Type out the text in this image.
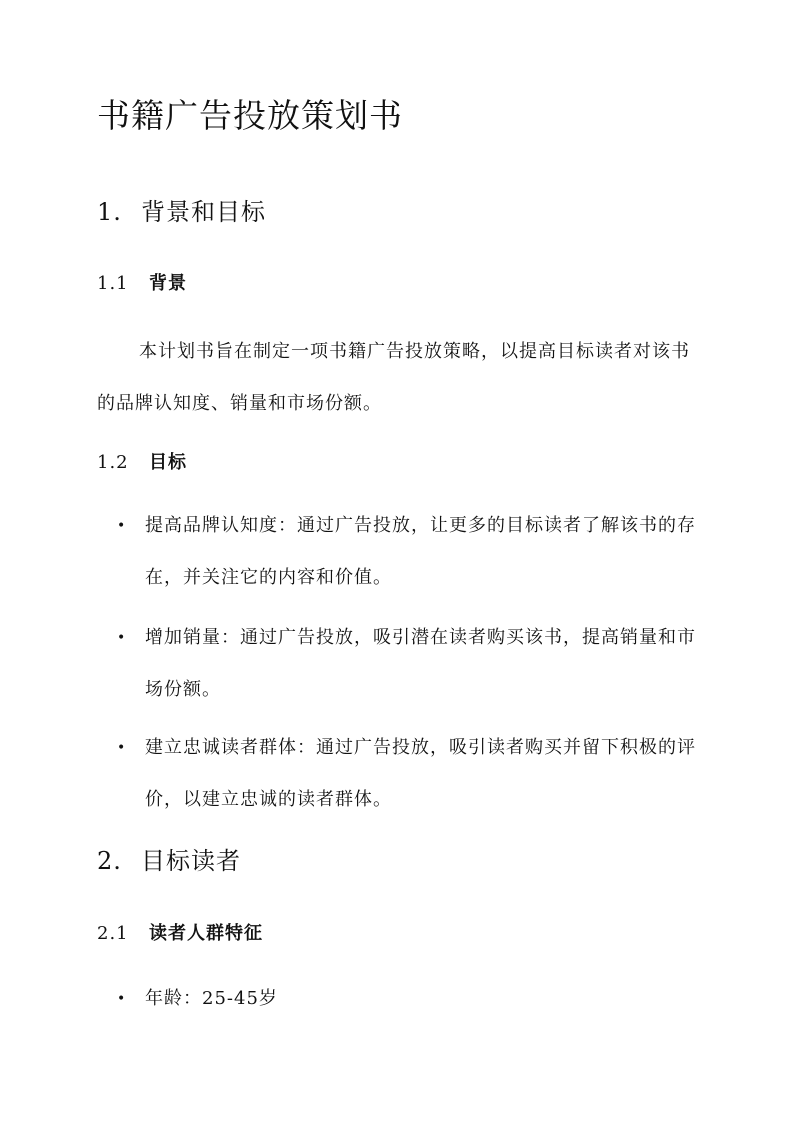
书籍广告投放策划书
1. 背景和目标
1.1 背景

本计划书旨在制定一项书籍广告投放策略，以提高目标读者对该书的品牌认知度、销量和市场份额。

1.2 目标
• 提高品牌认知度：通过广告投放，让更多的目标读者了解该书的存在，并关注它的内容和价值。
• 增加销量：通过广告投放，吸引潜在读者购买该书，提高销量和市场份额。
• 建立忠诚读者群体：通过广告投放，吸引读者购买并留下积极的评价，以建立忠诚的读者群体。
2. 目标读者
2.1 读者人群特征
• 年龄：25-45岁
